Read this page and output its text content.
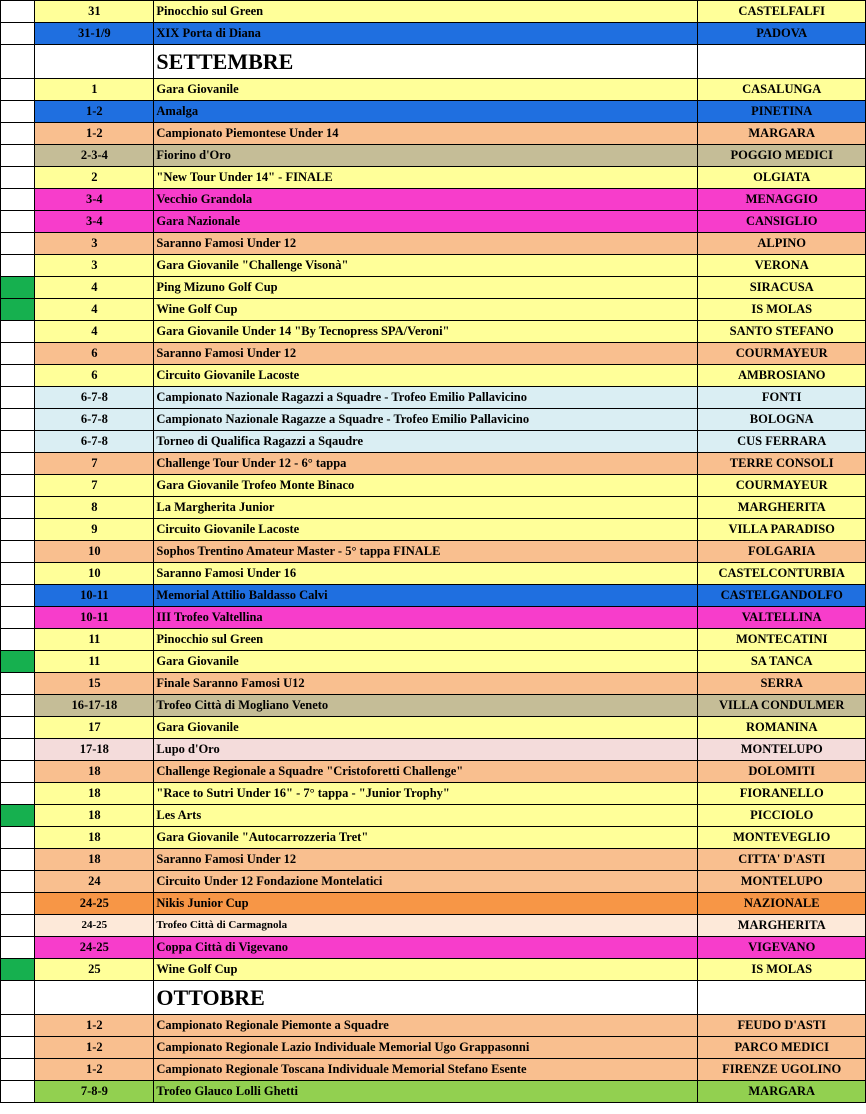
	31	Pinocchio sul Green	CASTELFALFI
	31-1/9	XIX Porta di Diana	PADOVA
		SETTEMBRE	
	1	Gara Giovanile	CASALUNGA
	1-2	Amalga	PINETINA
	1-2	Campionato Piemontese Under 14	MARGARA
	2-3-4	Fiorino d'Oro	POGGIO MEDICI
	2	"New Tour Under 14" - FINALE	OLGIATA
	3-4	Vecchio Grandola	MENAGGIO
	3-4	Gara Nazionale	CANSIGLIO
	3	Saranno Famosi Under 12	ALPINO
	3	Gara Giovanile "Challenge Visonà"	VERONA
	4	Ping Mizuno Golf Cup	SIRACUSA
	4	Wine Golf Cup	IS MOLAS
	4	Gara Giovanile Under 14 "By Tecnopress SPA/Veroni"	SANTO STEFANO
	6	Saranno Famosi Under 12	COURMAYEUR
	6	Circuito Giovanile Lacoste	AMBROSIANO
	6-7-8	Campionato Nazionale Ragazzi a Squadre - Trofeo Emilio Pallavicino	FONTI
	6-7-8	Campionato Nazionale Ragazze a Squadre - Trofeo Emilio Pallavicino	BOLOGNA
	6-7-8	Torneo di Qualifica Ragazzi a Sqaudre	CUS FERRARA
	7	Challenge Tour Under 12 - 6° tappa	TERRE CONSOLI
	7	Gara Giovanile Trofeo Monte Binaco	COURMAYEUR
	8	La Margherita Junior	MARGHERITA
	9	Circuito Giovanile Lacoste	VILLA PARADISO
	10	Sophos Trentino Amateur Master - 5° tappa FINALE	FOLGARIA
	10	Saranno Famosi Under 16	CASTELCONTURBIA
	10-11	Memorial Attilio Baldasso Calvi	CASTELGANDOLFO
	10-11	III Trofeo Valtellina	VALTELLINA
	11	Pinocchio sul Green	MONTECATINI
	11	Gara Giovanile	SA TANCA
	15	Finale Saranno Famosi U12	SERRA
	16-17-18	Trofeo Città di Mogliano Veneto	VILLA CONDULMER
	17	Gara Giovanile	ROMANINA
	17-18	Lupo d'Oro	MONTELUPO
	18	Challenge Regionale a Squadre "Cristoforetti Challenge"	DOLOMITI
	18	"Race to Sutri Under 16" - 7° tappa - "Junior Trophy"	FIORANELLO
	18	Les Arts	PICCIOLO
	18	Gara Giovanile "Autocarrozzeria Tret"	MONTEVEGLIO
	18	Saranno Famosi Under 12	CITTA' D'ASTI
	24	Circuito Under 12 Fondazione Montelatici	MONTELUPO
	24-25	Nikis Junior Cup	NAZIONALE
	24-25	Trofeo Città di Carmagnola	MARGHERITA
	24-25	Coppa Città di Vigevano	VIGEVANO
	25	Wine Golf Cup	IS MOLAS
		OTTOBRE	
	1-2	Campionato Regionale Piemonte a Squadre	FEUDO D'ASTI
	1-2	Campionato Regionale Lazio Individuale Memorial Ugo Grappasonni	PARCO MEDICI
	1-2	Campionato Regionale Toscana Individuale Memorial Stefano Esente	FIRENZE UGOLINO
	7-8-9	Trofeo Glauco Lolli Ghetti	MARGARA
